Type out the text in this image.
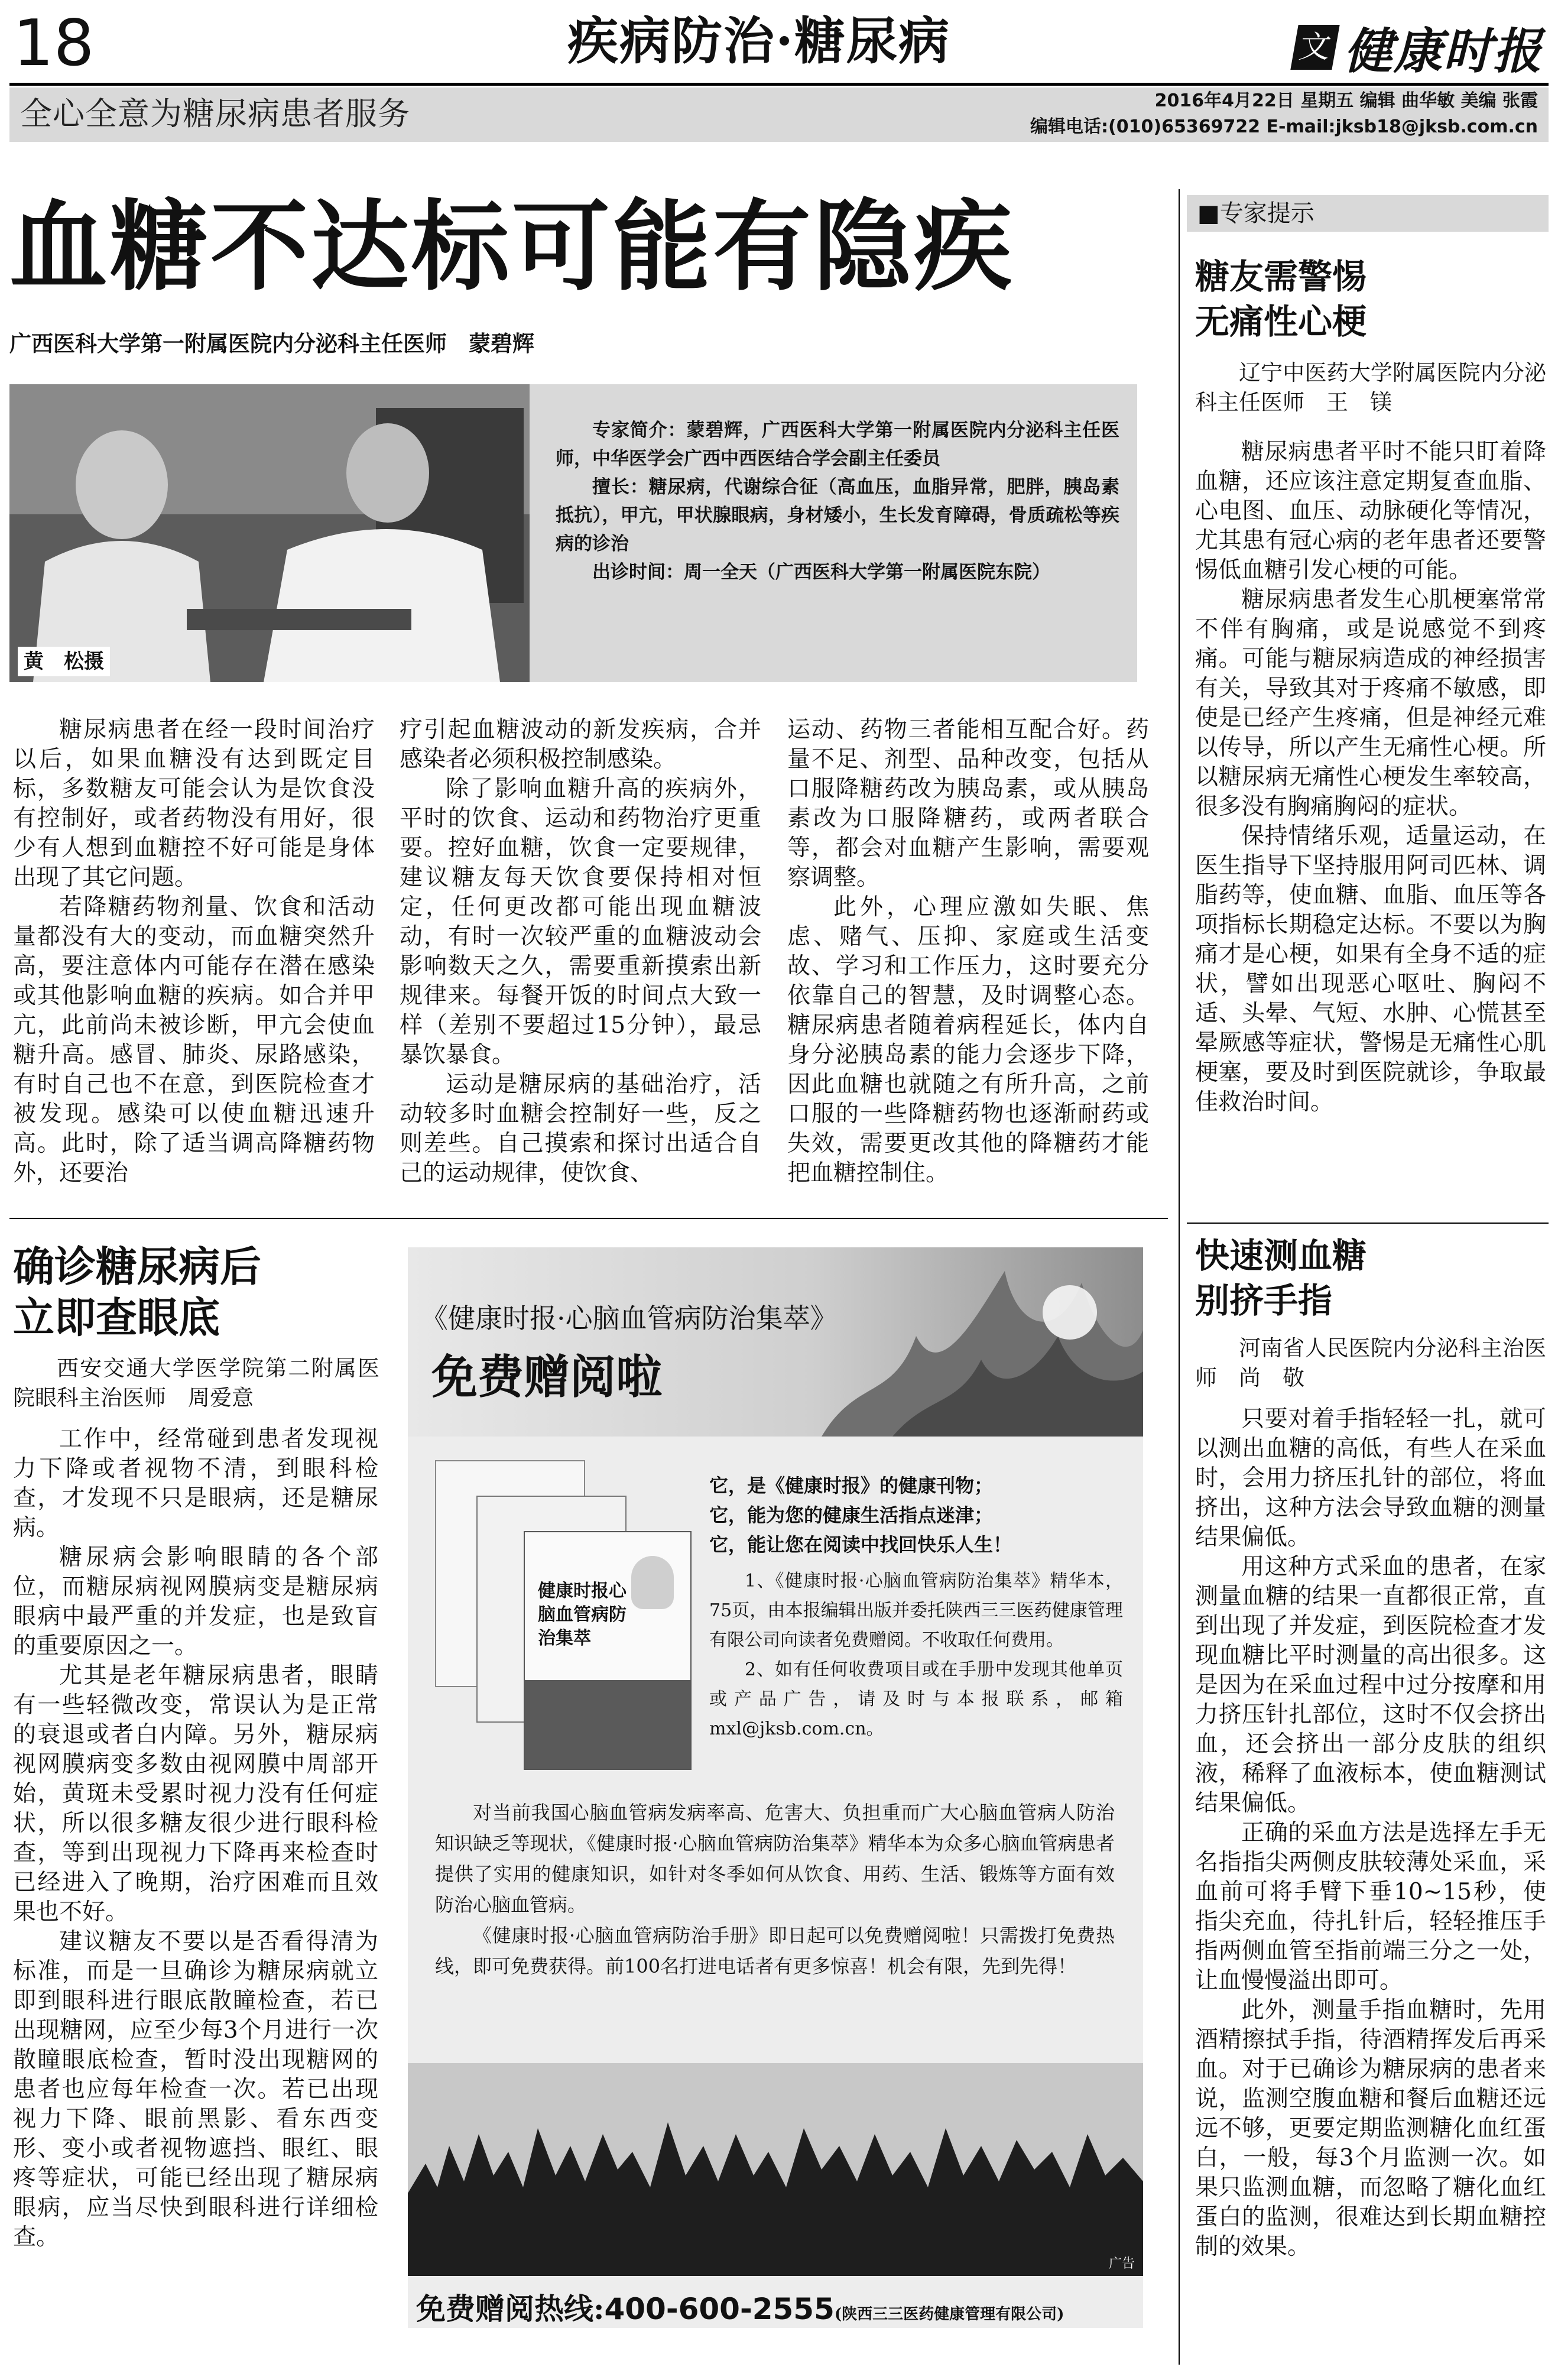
18	疾病防治·糖尿病	文 健康时报
全心全意为糖尿病患者服务	2016年4月22日 星期五 编辑 曲华敏 美编 张霞
编辑电话:(010)65369722 E-mail:jksb18@jksb.com.cn
血糖不达标可能有隐疾
广西医科大学第一附属医院内分泌科主任医师　蒙碧辉
黄　松摄

专家简介：蒙碧辉，广西医科大学第一附属医院内分泌科主任医师，中华医学会广西中西医结合学会副主任委员

擅长：糖尿病，代谢综合征（高血压，血脂异常，肥胖，胰岛素抵抗），甲亢，甲状腺眼病，身材矮小，生长发育障碍，骨质疏松等疾病的诊治

出诊时间：周一全天（广西医科大学第一附属医院东院）

糖尿病患者在经一段时间治疗以后，如果血糖没有达到既定目标，多数糖友可能会认为是饮食没有控制好，或者药物没有用好，很少有人想到血糖控不好可能是身体出现了其它问题。

若降糖药物剂量、饮食和活动量都没有大的变动，而血糖突然升高，要注意体内可能存在潜在感染或其他影响血糖的疾病。如合并甲亢，此前尚未被诊断，甲亢会使血糖升高。感冒、肺炎、尿路感染，有时自己也不在意，到医院检查才被发现。感染可以使血糖迅速升高。此时，除了适当调高降糖药物外，还要治

疗引起血糖波动的新发疾病，合并感染者必须积极控制感染。

除了影响血糖升高的疾病外，平时的饮食、运动和药物治疗更重要。控好血糖，饮食一定要规律，建议糖友每天饮食要保持相对恒定，任何更改都可能出现血糖波动，有时一次较严重的血糖波动会影响数天之久，需要重新摸索出新规律来。每餐开饭的时间点大致一样（差别不要超过15分钟），最忌暴饮暴食。

运动是糖尿病的基础治疗，活动较多时血糖会控制好一些，反之则差些。自己摸索和探讨出适合自己的运动规律，使饮食、

运动、药物三者能相互配合好。药量不足、剂型、品种改变，包括从口服降糖药改为胰岛素，或从胰岛素改为口服降糖药，或两者联合等，都会对血糖产生影响，需要观察调整。

此外，心理应激如失眠、焦虑、赌气、压抑、家庭或生活变故、学习和工作压力，这时要充分依靠自己的智慧，及时调整心态。糖尿病患者随着病程延长，体内自身分泌胰岛素的能力会逐步下降，因此血糖也就随之有所升高，之前口服的一些降糖药物也逐渐耐药或失效，需要更改其他的降糖药才能把血糖控制住。

确诊糖尿病后
立即查眼底

西安交通大学医学院第二附属医院眼科主治医师　周爱意

工作中，经常碰到患者发现视力下降或者视物不清，到眼科检查，才发现不只是眼病，还是糖尿病。

糖尿病会影响眼睛的各个部位，而糖尿病视网膜病变是糖尿病眼病中最严重的并发症，也是致盲的重要原因之一。

尤其是老年糖尿病患者，眼睛有一些轻微改变，常误认为是正常的衰退或者白内障。另外，糖尿病视网膜病变多数由视网膜中周部开始，黄斑未受累时视力没有任何症状，所以很多糖友很少进行眼科检查，等到出现视力下降再来检查时已经进入了晚期，治疗困难而且效果也不好。

建议糖友不要以是否看得清为标准，而是一旦确诊为糖尿病就立即到眼科进行眼底散瞳检查，若已出现糖网，应至少每3个月进行一次散瞳眼底检查，暂时没出现糖网的患者也应每年检查一次。若已出现视力下降、眼前黑影、看东西变形、变小或者视物遮挡、眼红、眼疼等症状，可能已经出现了糖尿病眼病，应当尽快到眼科进行详细检查。

《健康时报·心脑血管病防治集萃》
免费赠阅啦
健康时报心脑血管病防治集萃

它，是《健康时报》的健康刊物；

它，能为您的健康生活指点迷津；

它，能让您在阅读中找回快乐人生！

1、《健康时报·心脑血管病防治集萃》精华本，75页，由本报编辑出版并委托陕西三三医药健康管理有限公司向读者免费赠阅。不收取任何费用。

2、如有任何收费项目或在手册中发现其他单页或产品广告，请及时与本报联系，邮箱mxl@jksb.com.cn。

对当前我国心脑血管病发病率高、危害大、负担重而广大心脑血管病人防治知识缺乏等现状，《健康时报·心脑血管病防治集萃》精华本为众多心脑血管病患者提供了实用的健康知识，如针对冬季如何从饮食、用药、生活、锻炼等方面有效防治心脑血管病。

《健康时报·心脑血管病防治手册》即日起可以免费赠阅啦！只需拨打免费热线，即可免费获得。前100名打进电话者有更多惊喜！机会有限，先到先得！

广告
免费赠阅热线:400-600-2555(陕西三三医药健康管理有限公司)
■专家提示
糖友需警惕
无痛性心梗

辽宁中医药大学附属医院内分泌科主任医师　王　镁

糖尿病患者平时不能只盯着降血糖，还应该注意定期复查血脂、心电图、血压、动脉硬化等情况，尤其患有冠心病的老年患者还要警惕低血糖引发心梗的可能。

糖尿病患者发生心肌梗塞常常不伴有胸痛，或是说感觉不到疼痛。可能与糖尿病造成的神经损害有关，导致其对于疼痛不敏感，即使是已经产生疼痛，但是神经元难以传导，所以产生无痛性心梗。所以糖尿病无痛性心梗发生率较高，很多没有胸痛胸闷的症状。

保持情绪乐观，适量运动，在医生指导下坚持服用阿司匹林、调脂药等，使血糖、血脂、血压等各项指标长期稳定达标。不要以为胸痛才是心梗，如果有全身不适的症状，譬如出现恶心呕吐、胸闷不适、头晕、气短、水肿、心慌甚至晕厥感等症状，警惕是无痛性心肌梗塞，要及时到医院就诊，争取最佳救治时间。

快速测血糖
别挤手指

河南省人民医院内分泌科主治医师　尚　敬

只要对着手指轻轻一扎，就可以测出血糖的高低，有些人在采血时，会用力挤压扎针的部位，将血挤出，这种方法会导致血糖的测量结果偏低。

用这种方式采血的患者，在家测量血糖的结果一直都很正常，直到出现了并发症，到医院检查才发现血糖比平时测量的高出很多。这是因为在采血过程中过分按摩和用力挤压针扎部位，这时不仅会挤出血，还会挤出一部分皮肤的组织液，稀释了血液标本，使血糖测试结果偏低。

正确的采血方法是选择左手无名指指尖两侧皮肤较薄处采血，采血前可将手臂下垂10~15秒，使指尖充血，待扎针后，轻轻推压手指两侧血管至指前端三分之一处，让血慢慢溢出即可。

此外，测量手指血糖时，先用酒精擦拭手指，待酒精挥发后再采血。对于已确诊为糖尿病的患者来说，监测空腹血糖和餐后血糖还远远不够，更要定期监测糖化血红蛋白，一般，每3个月监测一次。如果只监测血糖，而忽略了糖化血红蛋白的监测，很难达到长期血糖控制的效果。
